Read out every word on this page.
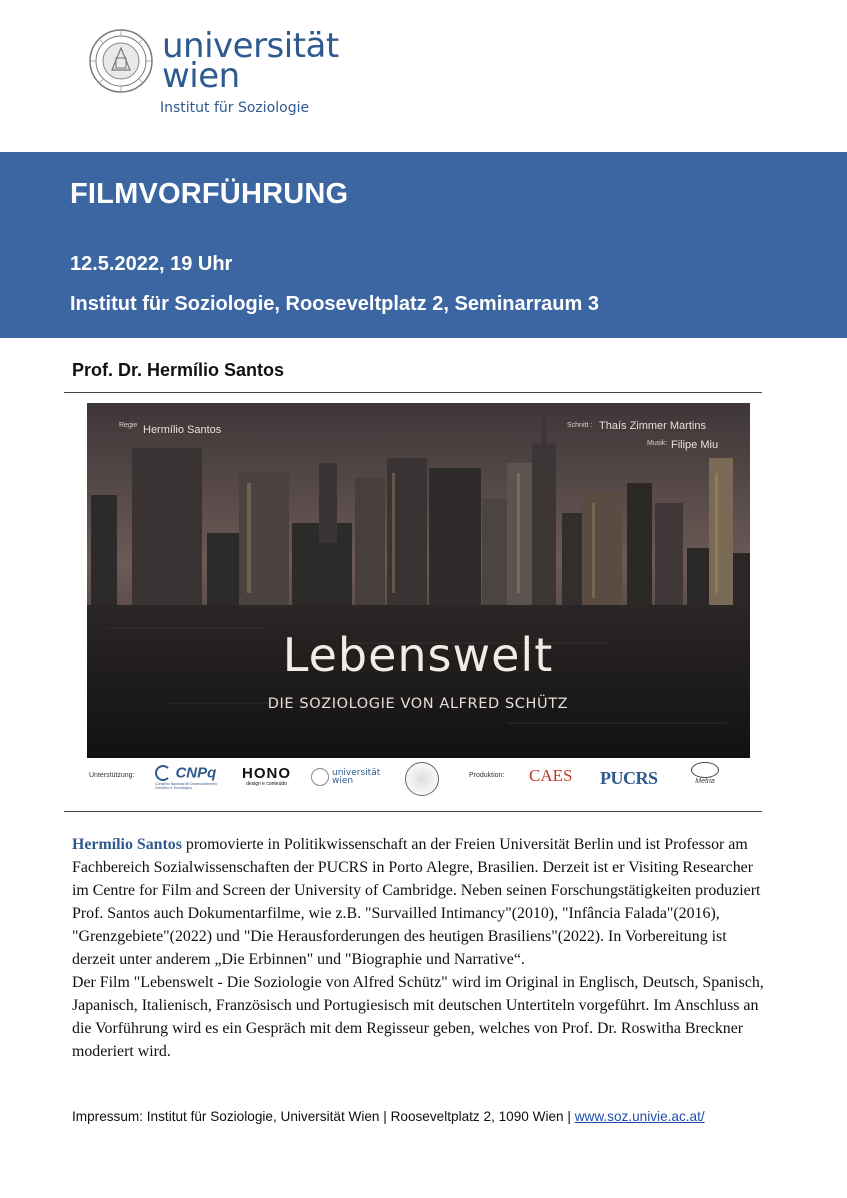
universität
wien
Institut für Soziologie
FILMVORFÜHRUNG
12.5.2022, 19 Uhr
Institut für Soziologie, Rooseveltplatz 2, Seminarraum 3
Prof. Dr. Hermílio Santos
Regie Hermílio Santos	Schnitt : Thaís Zimmer Martins
Musik: Filipe Miu
Lebenswelt
DIE SOZIOLOGIE VON ALFRED SCHÜTZ
Unterstützung:	CNPq
Conselho Nacional de Desenvolvimento Científico e Tecnológico
HONO
design e conteúdo
universität
wien
Produktion: CAES PUCRS	Metria

Hermílio Santos promovierte in Politikwissenschaft an der Freien Universität Berlin und ist Professor am Fachbereich Sozialwissenschaften der PUCRS in Porto Alegre, Brasilien. Derzeit ist er Visiting Researcher im Centre for Film and Screen der University of Cambridge. Neben seinen Forschungstätigkeiten produziert Prof. Santos auch Dokumentarfilme, wie z.B. "Survailled Intimancy"(2010), "Infância Falada"(2016), "Grenzgebiete"(2022) und "Die Herausforderungen des heutigen Brasiliens"(2022). In Vorbereitung ist derzeit unter anderem „Die Erbinnen" und "Biographie und Narrative“.

Der Film "Lebenswelt - Die Soziologie von Alfred Schütz" wird im Original in Englisch, Deutsch, Spanisch, Japanisch, Italienisch, Französisch und Portugiesisch mit deutschen Untertiteln vorgeführt. Im Anschluss an die Vorführung wird es ein Gespräch mit dem Regisseur geben, welches von Prof. Dr. Roswitha Breckner moderiert wird.

Impressum: Institut für Soziologie, Universität Wien | Rooseveltplatz 2, 1090 Wien | www.soz.univie.ac.at/
